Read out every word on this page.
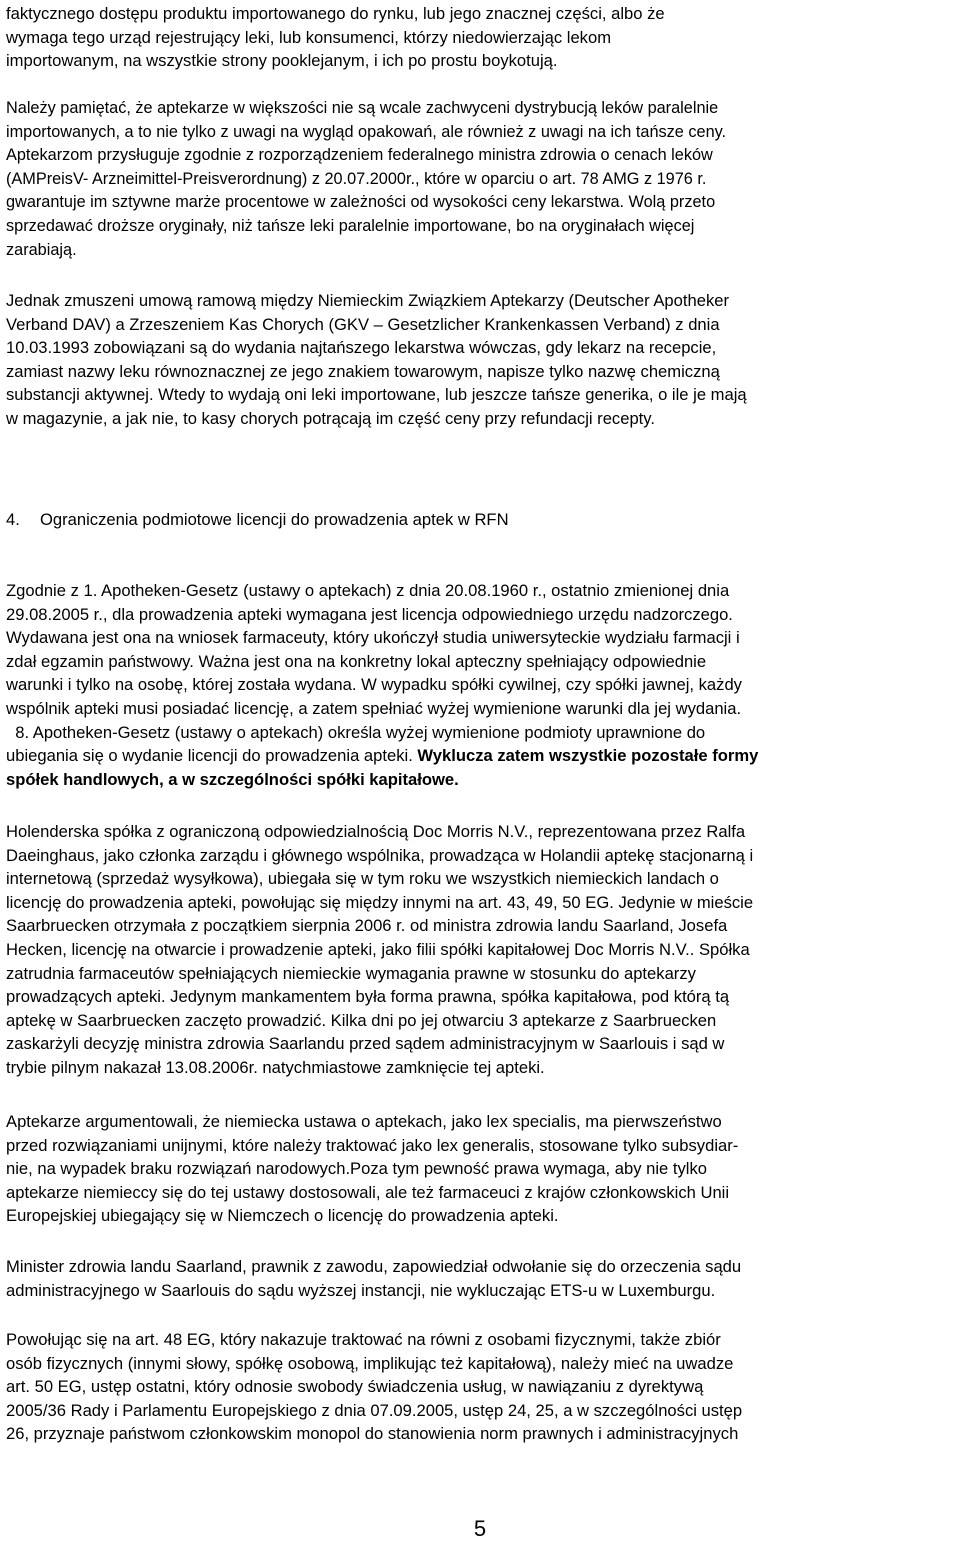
faktycznego dostępu produktu importowanego do rynku, lub jego znacznej części, albo że
wymaga tego urząd rejestrujący leki, lub konsumenci, którzy niedowierzając lekom
importowanym, na wszystkie strony pooklejanym, i ich po prostu boykotują.
Należy pamiętać, że aptekarze w większości nie są wcale zachwyceni dystrybucją leków paralelnie
importowanych, a to nie tylko z uwagi na wygląd opakowań, ale również z uwagi na ich tańsze ceny.
Aptekarzom przysługuje zgodnie z rozporządzeniem federalnego ministra zdrowia o cenach leków
(AMPreisV- Arzneimittel-Preisverordnung) z 20.07.2000r., które w oparciu o art. 78 AMG z 1976 r.
gwarantuje im sztywne marże procentowe w zależności od wysokości ceny lekarstwa. Wolą przeto
sprzedawać droższe oryginały, niż tańsze leki paralelnie importowane, bo na oryginałach więcej
zarabiają.
Jednak zmuszeni umową ramową między Niemieckim Związkiem Aptekarzy (Deutscher Apotheker
Verband DAV) a Zrzeszeniem Kas Chorych (GKV – Gesetzlicher Krankenkassen Verband) z dnia
10.03.1993 zobowiązani są do wydania najtańszego lekarstwa wówczas, gdy lekarz na recepcie,
zamiast nazwy leku równoznacznej ze jego znakiem towarowym, napisze tylko nazwę chemiczną
substancji aktywnej. Wtedy to wydają oni leki importowane, lub jeszcze tańsze generika, o ile je mają
w magazynie, a jak nie, to kasy chorych potrącają im część ceny przy refundacji recepty.
4. Ograniczenia podmiotowe licencji do prowadzenia aptek w RFN
Zgodnie z 1. Apotheken-Gesetz (ustawy o aptekach) z dnia 20.08.1960 r., ostatnio zmienionej dnia
29.08.2005 r., dla prowadzenia apteki wymagana jest licencja odpowiedniego urzędu nadzorczego.
Wydawana jest ona na wniosek farmaceuty, który ukończył studia uniwersyteckie wydziału farmacji i
zdał egzamin państwowy. Ważna jest ona na konkretny lokal apteczny spełniający odpowiednie
warunki i tylko na osobę, której została wydana. W wypadku spółki cywilnej, czy spółki jawnej, każdy
wspólnik apteki musi posiadać licencję, a zatem spełniać wyżej wymienione warunki dla jej wydania.
8. Apotheken-Gesetz (ustawy o aptekach) określa wyżej wymienione podmioty uprawnione do
ubiegania się o wydanie licencji do prowadzenia apteki. Wyklucza zatem wszystkie pozostałe formy
spółek handlowych, a w szczególności spółki kapitałowe.
Holenderska spółka z ograniczoną odpowiedzialnością Doc Morris N.V., reprezentowana przez Ralfa
Daeinghaus, jako członka zarządu i głównego wspólnika, prowadząca w Holandii aptekę stacjonarną i
internetową (sprzedaż wysyłkowa), ubiegała się w tym roku we wszystkich niemieckich landach o
licencję do prowadzenia apteki, powołując się między innymi na art. 43, 49, 50 EG. Jedynie w mieście
Saarbruecken otrzymała z początkiem sierpnia 2006 r. od ministra zdrowia landu Saarland, Josefa
Hecken, licencję na otwarcie i prowadzenie apteki, jako filii spółki kapitałowej Doc Morris N.V.. Spółka
zatrudnia farmaceutów spełniających niemieckie wymagania prawne w stosunku do aptekarzy
prowadzących apteki. Jedynym mankamentem była forma prawna, spółka kapitałowa, pod którą tą
aptekę w Saarbruecken zaczęto prowadzić. Kilka dni po jej otwarciu 3 aptekarze z Saarbruecken
zaskarżyli decyzję ministra zdrowia Saarlandu przed sądem administracyjnym w Saarlouis i sąd w
trybie pilnym nakazał 13.08.2006r. natychmiastowe zamknięcie tej apteki.
Aptekarze argumentowali, że niemiecka ustawa o aptekach, jako lex specialis, ma pierwszeństwo
przed rozwiązaniami unijnymi, które należy traktować jako lex generalis, stosowane tylko subsydiar-
nie, na wypadek braku rozwiązań narodowych.Poza tym pewność prawa wymaga, aby nie tylko
aptekarze niemieccy się do tej ustawy dostosowali, ale też farmaceuci z krajów członkowskich Unii
Europejskiej ubiegający się w Niemczech o licencję do prowadzenia apteki.
Minister zdrowia landu Saarland, prawnik z zawodu, zapowiedział odwołanie się do orzeczenia sądu
administracyjnego w Saarlouis do sądu wyższej instancji, nie wykluczając ETS-u w Luxemburgu.
Powołując się na art. 48 EG, który nakazuje traktować na równi z osobami fizycznymi, także zbiór
osób fizycznych (innymi słowy, spółkę osobową, implikując też kapitałową), należy mieć na uwadze
art. 50 EG, ustęp ostatni, który odnosie swobody świadczenia usług, w nawiązaniu z dyrektywą
2005/36 Rady i Parlamentu Europejskiego z dnia 07.09.2005, ustęp 24, 25, a w szczególności ustęp
26, przyznaje państwom członkowskim monopol do stanowienia norm prawnych i administracyjnych
5
